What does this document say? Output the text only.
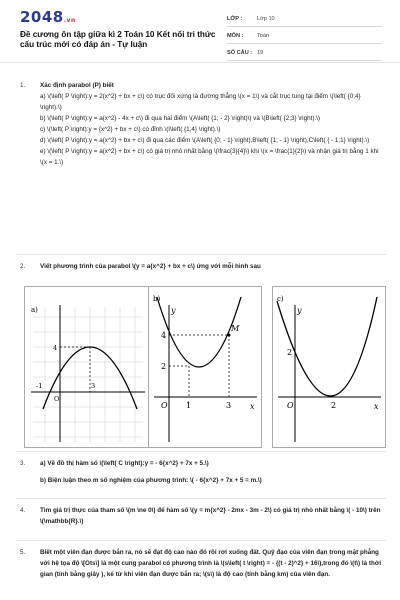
2048.vn
Đề cương ôn tập giữa kì 2 Toán 10 Kết nối tri thức cấu trúc mới có đáp án - Tự luận
LỚP :	Lớp 10
MÔN :	Toán
SỐ CÂU : 19
1.	Xác định parabol (P) biết

a) \(\left( P \right):y = 2{x^2} + bx + c\) có trục đối xứng là đường thẳng \(x = 1\) và cắt trục tung tại điểm \(\left( {0;4} \right).\)

b) \(\left( P \right):y = a{x^2} - 4x + c\) đi qua hai điểm \(A\left( {1; - 2} \right)\) và \(B\left( {2;3} \right).\)

c) \(\left( P \right):y = {x^2} + bx + c\) có đỉnh \(I\left( {1;4} \right).\)

d) \(\left( P \right):y = a{x^2} + bx + c\) đi qua các điểm \(A\left( {0; - 1} \right),B\left( {1; - 1} \right),C\left( { - 1;1} \right).\)

e) \(\left( P \right):y = a{x^2} + bx + c\) có giá trị nhỏ nhất bằng \(\frac{3}{4}\) khi \(x = \frac{1}{2}\) và nhận giá trị bằng 1 khi \(x = 1.\)

2.	Viết phương trình của parabol \(y = a{x^2} + bx + c\) ứng với mỗi hình sau

a)
4
-1	3
O
b)
y
x
4
2
M
O 1	3
c)
y
x
2
O	2
3.	a) Vẽ đồ thị hàm số \(\left( C \right):y = - 6{x^2} + 7x + 5.\)

b) Biện luận theo m số nghiệm của phương trình: \( - 6{x^2} + 7x + 5 = m.\)

4.	Tìm giá trị thực của tham số \(m \ne 0\) để hàm số \(y = m{x^2} - 2mx - 3m - 2\) có giá trị nhỏ nhất bằng \( - 10\) trên \(\mathbb{R}.\)

5.	Biết một viên đạn được bắn ra, nó sẽ đạt độ cao nào đó rồi rơi xuống đất. Quỹ đạo của viên đạn trong mặt phẳng với hệ tọa độ \[Ots\] là một cung parabol có phương trình là \(s\left( t \right) = - {(t - 2)^2} + 16\),trong đó \(t\) là thời gian (tính bằng giây ), kể từ khi viên đạn được bắn ra; \(s\) là độ cao (tính bằng km) của viên đạn.
